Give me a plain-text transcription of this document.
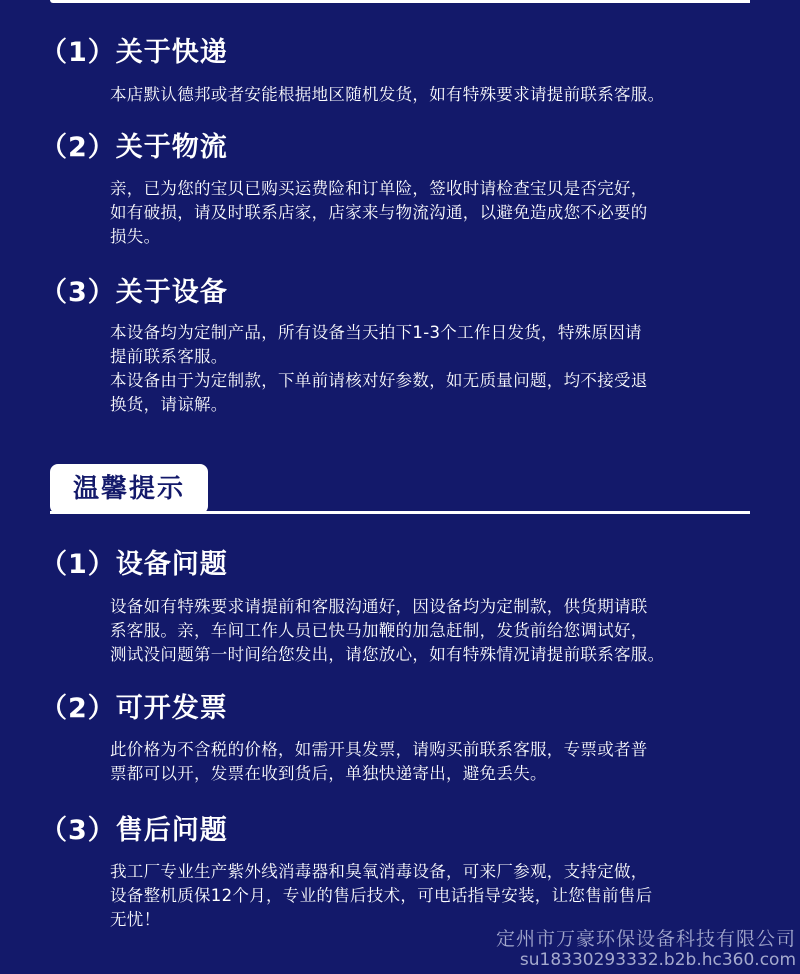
（1）关于快递
本店默认德邦或者安能根据地区随机发货，如有特殊要求请提前联系客服。
（2）关于物流
亲，已为您的宝贝已购买运费险和订单险，签收时请检查宝贝是否完好，
如有破损，请及时联系店家，店家来与物流沟通，以避免造成您不必要的
损失。
（3）关于设备
本设备均为定制产品，所有设备当天拍下1-3个工作日发货，特殊原因请
提前联系客服。
本设备由于为定制款，下单前请核对好参数，如无质量问题，均不接受退
换货，请谅解。
温馨提示
（1）设备问题
设备如有特殊要求请提前和客服沟通好，因设备均为定制款，供货期请联
系客服。亲，车间工作人员已快马加鞭的加急赶制，发货前给您调试好，
测试没问题第一时间给您发出，请您放心，如有特殊情况请提前联系客服。
（2）可开发票
此价格为不含税的价格，如需开具发票，请购买前联系客服，专票或者普
票都可以开，发票在收到货后，单独快递寄出，避免丢失。
（3）售后问题
我工厂专业生产紫外线消毒器和臭氧消毒设备，可来厂参观，支持定做，
设备整机质保12个月，专业的售后技术，可电话指导安装，让您售前售后
无忧！
定州市万豪环保设备科技有限公司
su18330293332.b2b.hc360.com
